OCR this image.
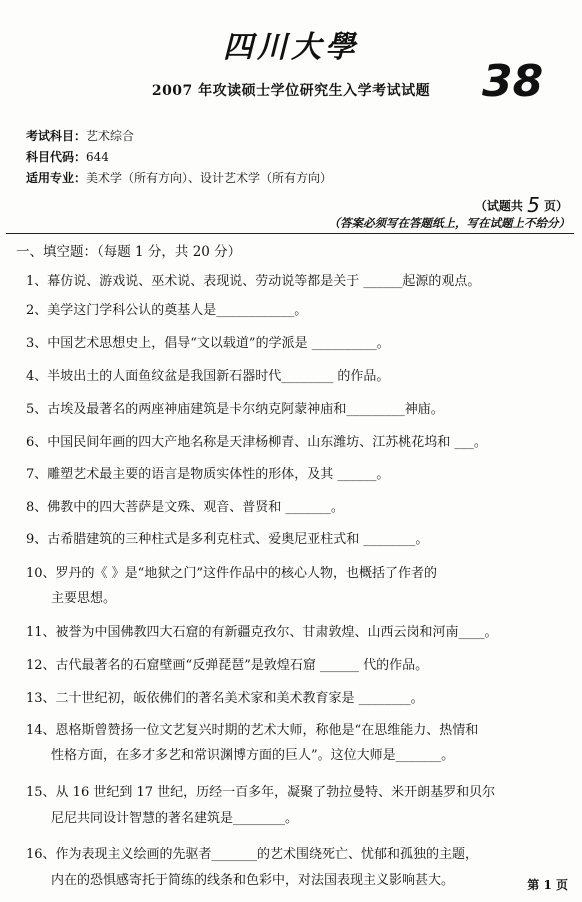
四川大學
38
2007 年攻读硕士学位研究生入学考试试题
考试科目：艺术综合
科目代码：644
适用专业：美术学（所有方向）、设计艺术学（所有方向）
（试题共 5 页）
（答案必须写在答题纸上，写在试题上不给分）
一、填空题：（每题 1 分，共 20 分）
1、幕仿说、游戏说、巫术说、表现说、劳动说等都是关于 ______起源的观点。
2、美学这门学科公认的奠基人是____________。
3、中国艺术思想史上，倡导“文以载道”的学派是 __________。
4、半坡出土的人面鱼纹盆是我国新石器时代________ 的作品。
5、古埃及最著名的两座神庙建筑是卡尔纳克阿蒙神庙和_________神庙。
6、中国民间年画的四大产地名称是天津杨柳青、山东潍坊、江苏桃花坞和 ___。
7、雕塑艺术最主要的语言是物质实体性的形体，及其 ______。
8、佛教中的四大菩萨是文殊、观音、普贤和 _______。
9、古希腊建筑的三种柱式是多利克柱式、爱奥尼亚柱式和 ________。
10、罗丹的《 》是“地狱之门”这件作品中的核心人物，也概括了作者的
主要思想。
11、被誉为中国佛教四大石窟的有新疆克孜尔、甘肃敦煌、山西云岗和河南____。
12、古代最著名的石窟壁画“反弹琵琶”是敦煌石窟 ______ 代的作品。
13、二十世纪初，皈依佛们的著名美术家和美术教育家是 ________。
14、恩格斯曾赞扬一位文艺复兴时期的艺术大师，称他是“在思维能力、热情和
性格方面，在多才多艺和常识渊博方面的巨人”。这位大师是_______。
15、从 16 世纪到 17 世纪，历经一百多年，凝聚了勃拉曼特、米开朗基罗和贝尔
尼尼共同设计智慧的著名建筑是________。
16、作为表现主义绘画的先驱者_______的艺术围绕死亡、忧郁和孤独的主题，
内在的恐惧感寄托于简练的线条和色彩中，对法国表现主义影响甚大。	第 1 页
